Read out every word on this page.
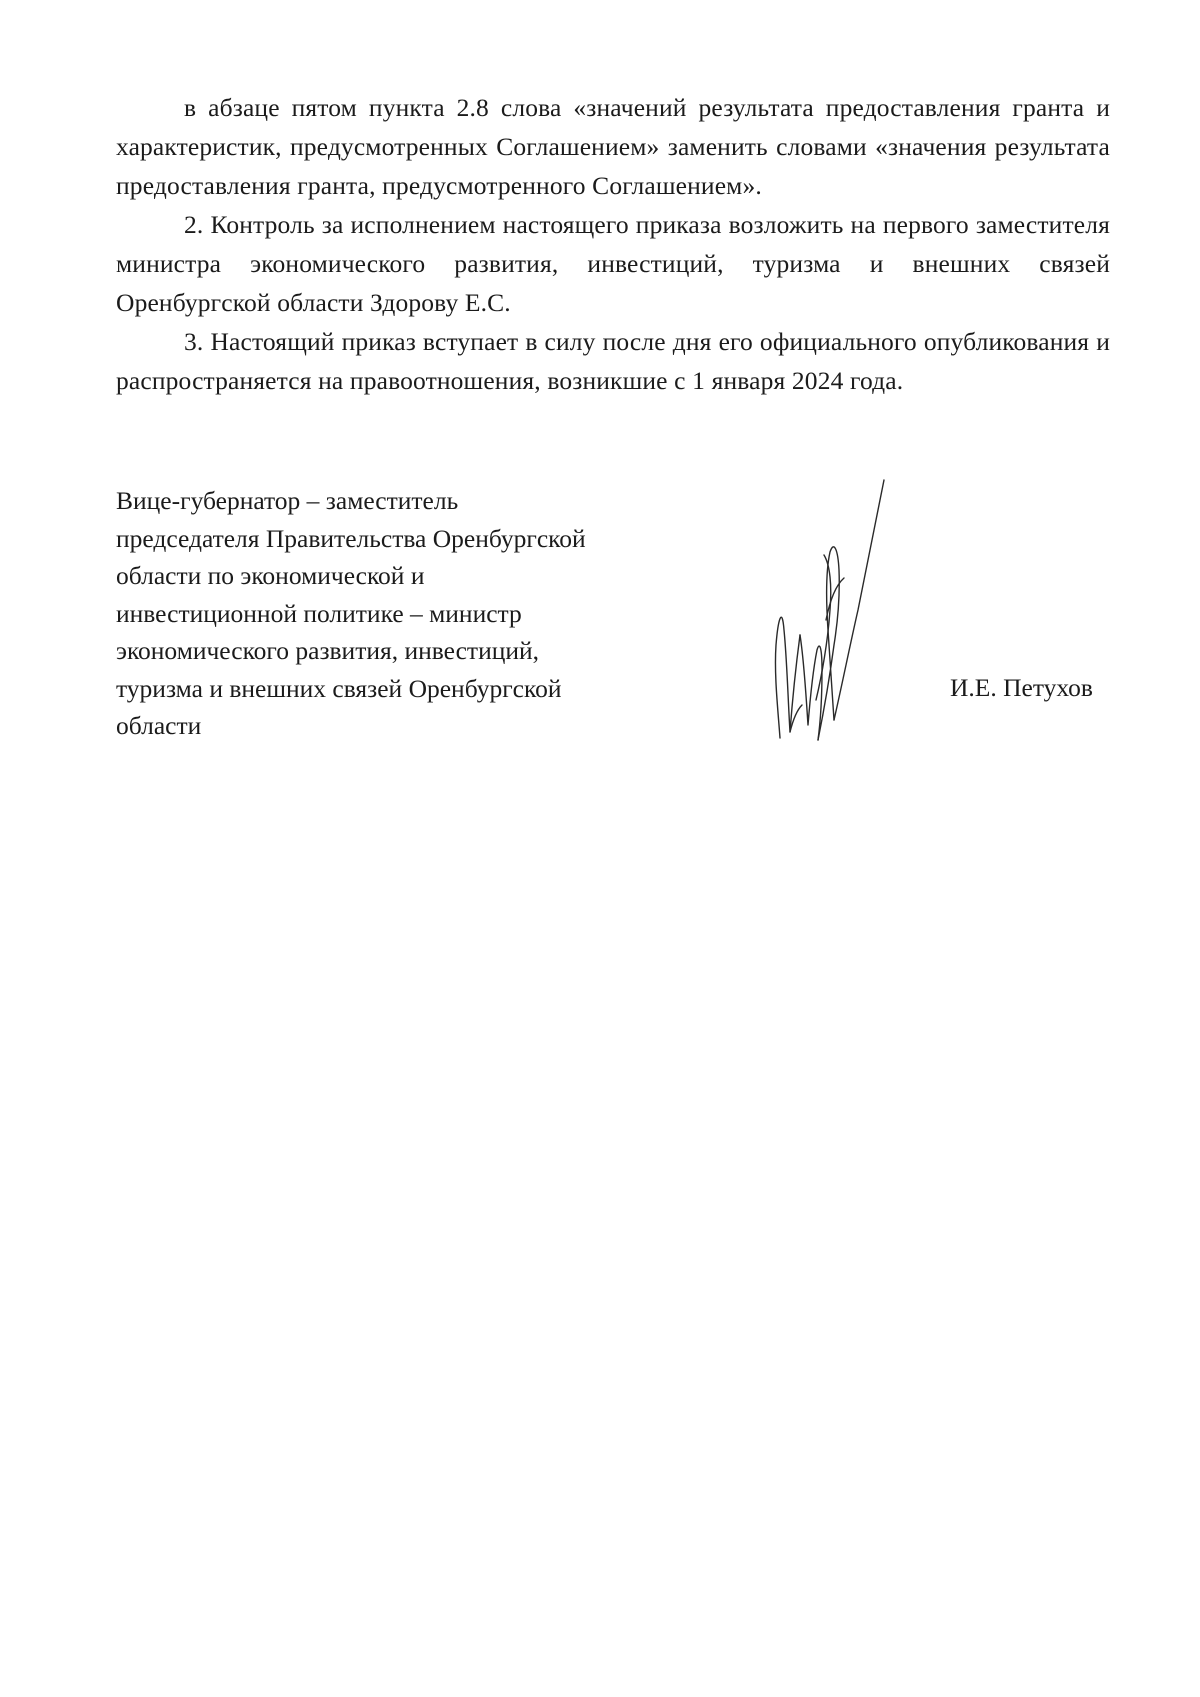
в абзаце пятом пункта 2.8 слова «значений результата предоставления гранта и характеристик, предусмотренных Соглашением» заменить словами «значения результата предоставления гранта, предусмотренного Соглашением».

2. Контроль за исполнением настоящего приказа возложить на первого заместителя министра экономического развития, инвестиций, туризма и внешних связей Оренбургской области Здорову Е.С.

3. Настоящий приказ вступает в силу после дня его официального опубликования и распространяется на правоотношения, возникшие с 1 января 2024 года.

Вице-губернатор – заместитель
председателя Правительства Оренбургской
области по экономической и
инвестиционной политике – министр
экономического развития, инвестиций,
туризма и внешних связей Оренбургской
области
И.Е. Петухов
